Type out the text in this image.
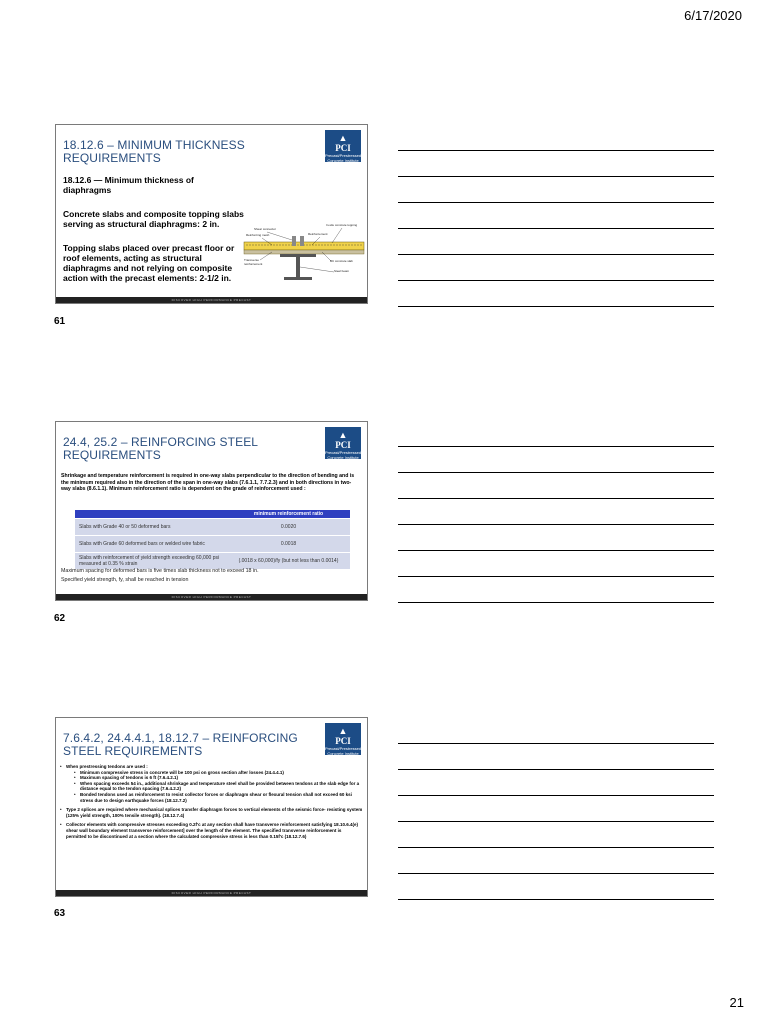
6/17/2020
18.12.6 – MINIMUM THICKNESS REQUIREMENTS
▲
PCI
Precast/Prestressed Concrete Institute
18.12.6 — Minimum thickness of diaphragms
Concrete slabs and composite topping slabs serving as structural diaphragms: 2 in.
Topping slabs placed over precast floor or roof elements, acting as structural diaphragms and not relying on composite action with the precast elements: 2-1/2 in.
Shear connector
Reinforcing mesh
In-situ concrete topping
Reinforcement
Transverse reinforcement
PC concrete slab
Steel beam
DISCOVER HIGH PERFORMANCE PRECAST
61
24.4, 25.2 – REINFORCING STEEL REQUIREMENTS
▲
PCI
Precast/Prestressed Concrete Institute
Shrinkage and temperature reinforcement is required in one-way slabs perpendicular to the direction of bending and is the minimum required also in the direction of the span in one-way slabs (7.6.1.1, 7.7.2.3) and in both directions in two-way slabs (8.6.1.1). Minimum reinforcement ratio is dependent on the grade of reinforcement used :
	minimum reinforcement ratio
Slabs with Grade 40 or 50 deformed bars	0.0020
Slabs with Grade 60 deformed bars or welded wire fabric	0.0018
Slabs with reinforcement of yield strength exceeding 60,000 psi measured at 0.35 % strain	(.0018 x 60,000)/fy (but not less than 0.0014)
Maximum spacing for deformed bars is five times slab thickness not to exceed 18 in.
Specified yield strength, fy, shall be reached in tension
DISCOVER HIGH PERFORMANCE PRECAST
62
7.6.4.2, 24.4.4.1, 18.12.7 – REINFORCING STEEL REQUIREMENTS
▲
PCI
Precast/Prestressed Concrete Institute
• When prestressing tendons are used :
• Minimum compressive stress in concrete will be 100 psi on gross section after losses (24.4.4.1)
• Maximum spacing of tendons is 6 ft (7.6.4.2.1)
• When spacing exceeds 54 in., additional shrinkage and temperature steel shall be provided between tendons at the slab edge for a distance equal to the tendon spacing (7.6.4.2.2)
• Bonded tendons used as reinforcement to resist collector forces or diaphragm shear or flexural tension shall not exceed 60 ksi stress due to design earthquake forces (18.12.7.2)
• Type 2 splices are required where mechanical splices transfer diaphragm forces to vertical elements of the seismic force- resisting system (125% yield strength, 100% tensile strength). (18.12.7.4)
• Collector elements with compressive stresses exceeding 0.2f'c at any section shall have transverse reinforcement satisfying 18.10.6.4(e) shear wall boundary element transverse reinforcement] over the length of the element. The specified transverse reinforcement is permitted to be discontinued at a section where the calculated compressive stress is less than 0.15f'c (18.12.7.6)
DISCOVER HIGH PERFORMANCE PRECAST
63
21
